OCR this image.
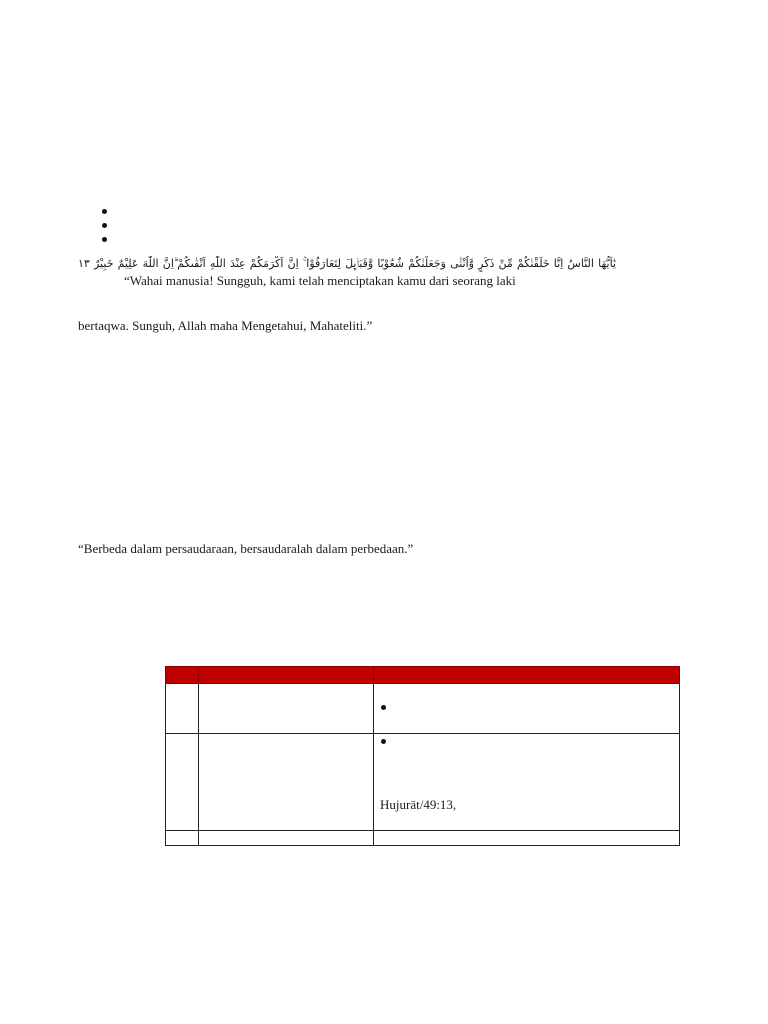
يٰٓاَيُّهَا النَّاسُ اِنَّا خَلَقْنٰكُمْ مِّنْ ذَكَرٍ وَّاُنْثٰى وَجَعَلْنٰكُمْ شُعُوْبًا وَّقَبَاۤىِٕلَ لِتَعَارَفُوْا ۚ اِنَّ اَكْرَمَكُمْ عِنْدَ اللّٰهِ اَتْقٰىكُمْ ۗاِنَّ اللّٰهَ عَلِيْمٌ خَبِيْرٌ ١٣
“Wahai manusia! Sungguh, kami telah menciptakan kamu dari seorang laki
bertaqwa. Sunguh, Allah maha Mengetahui, Mahateliti.”
“Berbeda dalam persaudaraan, bersaudaralah dalam perbedaan.”

		Hujurāt/49:13,
